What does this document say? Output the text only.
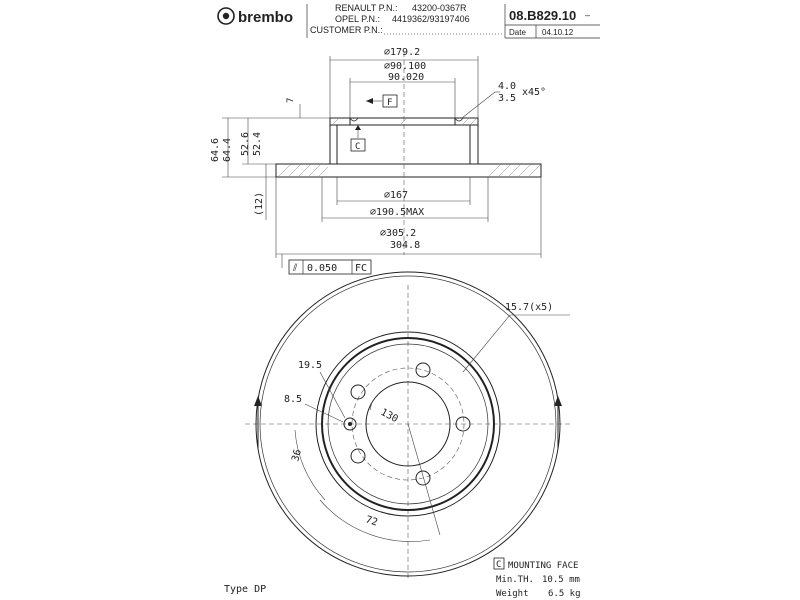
brembo
RENAULT P.N.: 43200-0367R
OPEL P.N.: 4419362/93197406
CUSTOMER P.N.:
08.B829.10 –
Date 04.10.12
⌀179.2
⌀90.100
90.020
4.0
3.5
x45°
F
7
C
64.6 64.4 52.6 52.4
(12)	⌀167
⌀190.5MAX
⌀305.2
304.8
⫽ 0.050 FC
15.7(x5)
19.5
8.5
130
36
72
Type DP
C MOUNTING FACE
Min.TH. 10.5 mm
Weight 6.5 kg
